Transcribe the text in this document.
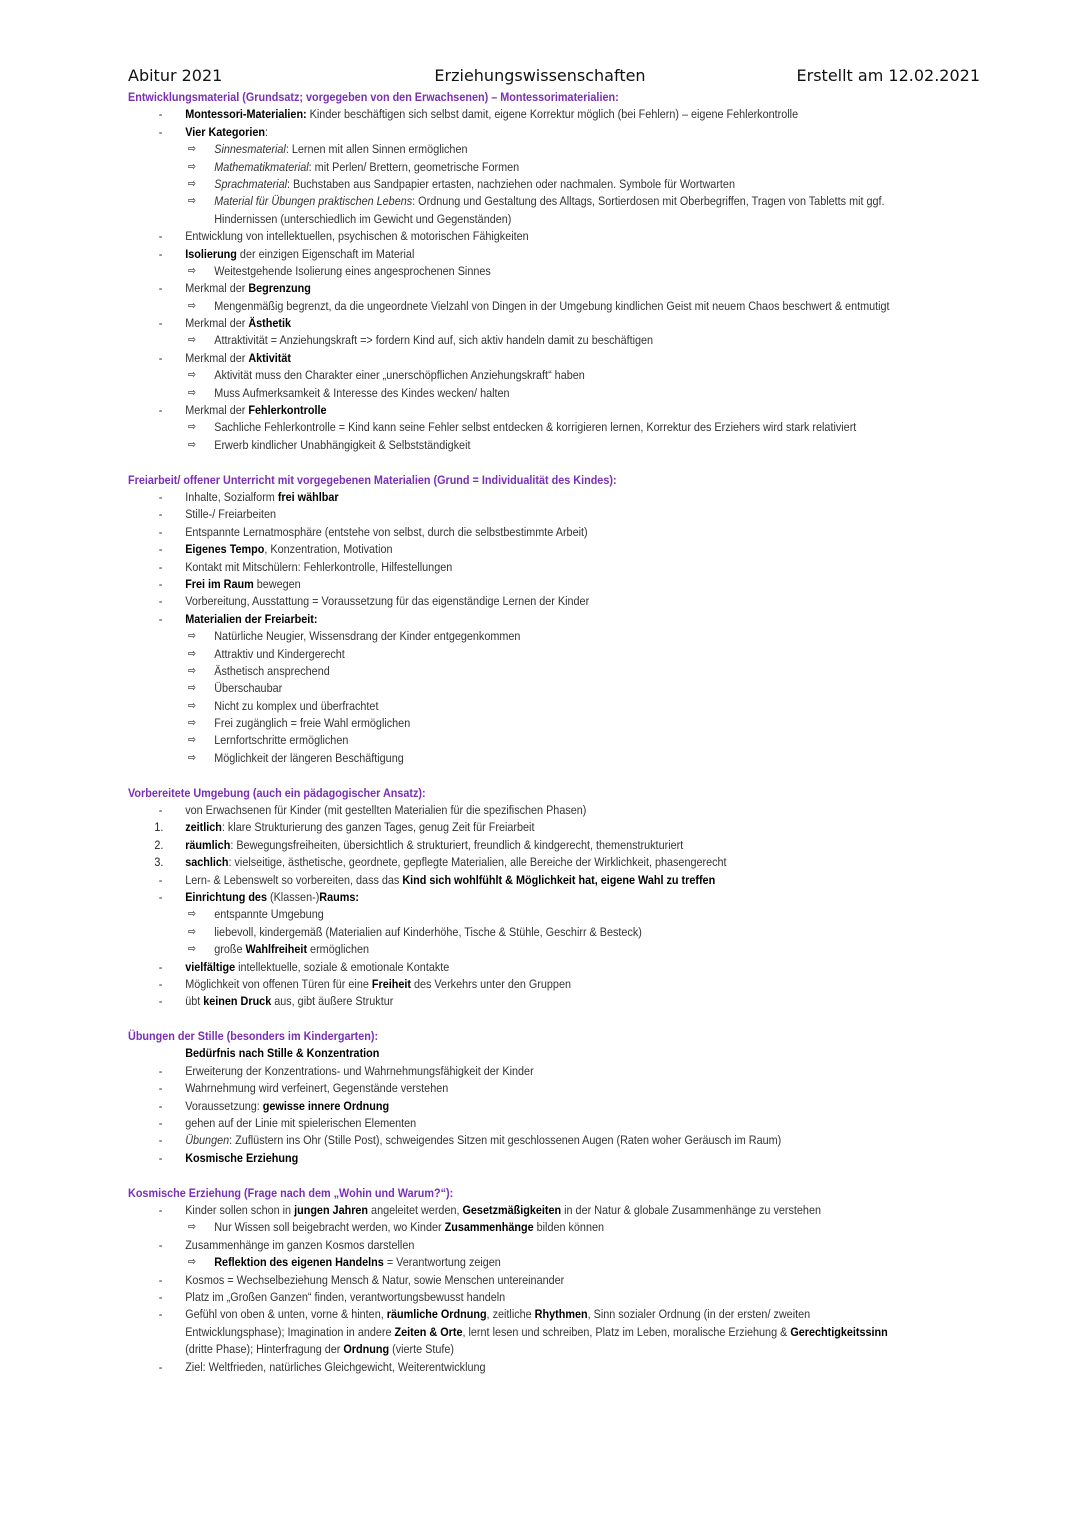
Abitur 2021	Erziehungswissenschaften	Erstellt am 12.02.2021
Entwicklungsmaterial (Grundsatz; vorgegeben von den Erwachsenen) – Montessorimaterialien:
- Montessori-Materialien: Kinder beschäftigen sich selbst damit, eigene Korrektur möglich (bei Fehlern) – eigene Fehlerkontrolle
- Vier Kategorien:
⇨ Sinnesmaterial: Lernen mit allen Sinnen ermöglichen
⇨ Mathematikmaterial: mit Perlen/ Brettern, geometrische Formen
⇨ Sprachmaterial: Buchstaben aus Sandpapier ertasten, nachziehen oder nachmalen. Symbole für Wortwarten
⇨ Material für Übungen praktischen Lebens: Ordnung und Gestaltung des Alltags, Sortierdosen mit Oberbegriffen, Tragen von Tabletts mit ggf.
Hindernissen (unterschiedlich im Gewicht und Gegenständen)
- Entwicklung von intellektuellen, psychischen & motorischen Fähigkeiten
- Isolierung der einzigen Eigenschaft im Material
⇨ Weitestgehende Isolierung eines angesprochenen Sinnes
- Merkmal der Begrenzung
⇨ Mengenmäßig begrenzt, da die ungeordnete Vielzahl von Dingen in der Umgebung kindlichen Geist mit neuem Chaos beschwert & entmutigt
- Merkmal der Ästhetik
⇨ Attraktivität = Anziehungskraft => fordern Kind auf, sich aktiv handeln damit zu beschäftigen
- Merkmal der Aktivität
⇨ Aktivität muss den Charakter einer „unerschöpflichen Anziehungskraft“ haben
⇨ Muss Aufmerksamkeit & Interesse des Kindes wecken/ halten
- Merkmal der Fehlerkontrolle
⇨ Sachliche Fehlerkontrolle = Kind kann seine Fehler selbst entdecken & korrigieren lernen, Korrektur des Erziehers wird stark relativiert
⇨ Erwerb kindlicher Unabhängigkeit & Selbstständigkeit
Freiarbeit/ offener Unterricht mit vorgegebenen Materialien (Grund = Individualität des Kindes):
- Inhalte, Sozialform frei wählbar
- Stille-/ Freiarbeiten
- Entspannte Lernatmosphäre (entstehe von selbst, durch die selbstbestimmte Arbeit)
- Eigenes Tempo, Konzentration, Motivation
- Kontakt mit Mitschülern: Fehlerkontrolle, Hilfestellungen
- Frei im Raum bewegen
- Vorbereitung, Ausstattung = Voraussetzung für das eigenständige Lernen der Kinder
- Materialien der Freiarbeit:
⇨ Natürliche Neugier, Wissensdrang der Kinder entgegenkommen
⇨ Attraktiv und Kindergerecht
⇨ Ästhetisch ansprechend
⇨ Überschaubar
⇨ Nicht zu komplex und überfrachtet
⇨ Frei zugänglich = freie Wahl ermöglichen
⇨ Lernfortschritte ermöglichen
⇨ Möglichkeit der längeren Beschäftigung
Vorbereitete Umgebung (auch ein pädagogischer Ansatz):
- von Erwachsenen für Kinder (mit gestellten Materialien für die spezifischen Phasen)
1. zeitlich: klare Strukturierung des ganzen Tages, genug Zeit für Freiarbeit
2. räumlich: Bewegungsfreiheiten, übersichtlich & strukturiert, freundlich & kindgerecht, themenstrukturiert
3. sachlich: vielseitige, ästhetische, geordnete, gepflegte Materialien, alle Bereiche der Wirklichkeit, phasengerecht
- Lern- & Lebenswelt so vorbereiten, dass das Kind sich wohlfühlt & Möglichkeit hat, eigene Wahl zu treffen
- Einrichtung des (Klassen-)Raums:
⇨ entspannte Umgebung
⇨ liebevoll, kindergemäß (Materialien auf Kinderhöhe, Tische & Stühle, Geschirr & Besteck)
⇨ große Wahlfreiheit ermöglichen
- vielfältige intellektuelle, soziale & emotionale Kontakte
- Möglichkeit von offenen Türen für eine Freiheit des Verkehrs unter den Gruppen
- übt keinen Druck aus, gibt äußere Struktur
Übungen der Stille (besonders im Kindergarten):
Bedürfnis nach Stille & Konzentration
- Erweiterung der Konzentrations- und Wahrnehmungsfähigkeit der Kinder
- Wahrnehmung wird verfeinert, Gegenstände verstehen
- Voraussetzung: gewisse innere Ordnung
- gehen auf der Linie mit spielerischen Elementen
- Übungen: Zuflüstern ins Ohr (Stille Post), schweigendes Sitzen mit geschlossenen Augen (Raten woher Geräusch im Raum)
- Kosmische Erziehung
Kosmische Erziehung (Frage nach dem „Wohin und Warum?“):
- Kinder sollen schon in jungen Jahren angeleitet werden, Gesetzmäßigkeiten in der Natur & globale Zusammenhänge zu verstehen
⇨ Nur Wissen soll beigebracht werden, wo Kinder Zusammenhänge bilden können
- Zusammenhänge im ganzen Kosmos darstellen
⇨ Reflektion des eigenen Handelns = Verantwortung zeigen
- Kosmos = Wechselbeziehung Mensch & Natur, sowie Menschen untereinander
- Platz im „Großen Ganzen“ finden, verantwortungsbewusst handeln
- Gefühl von oben & unten, vorne & hinten, räumliche Ordnung, zeitliche Rhythmen, Sinn sozialer Ordnung (in der ersten/ zweiten
Entwicklungsphase); Imagination in andere Zeiten & Orte, lernt lesen und schreiben, Platz im Leben, moralische Erziehung & Gerechtigkeitssinn
(dritte Phase); Hinterfragung der Ordnung (vierte Stufe)
- Ziel: Weltfrieden, natürliches Gleichgewicht, Weiterentwicklung
